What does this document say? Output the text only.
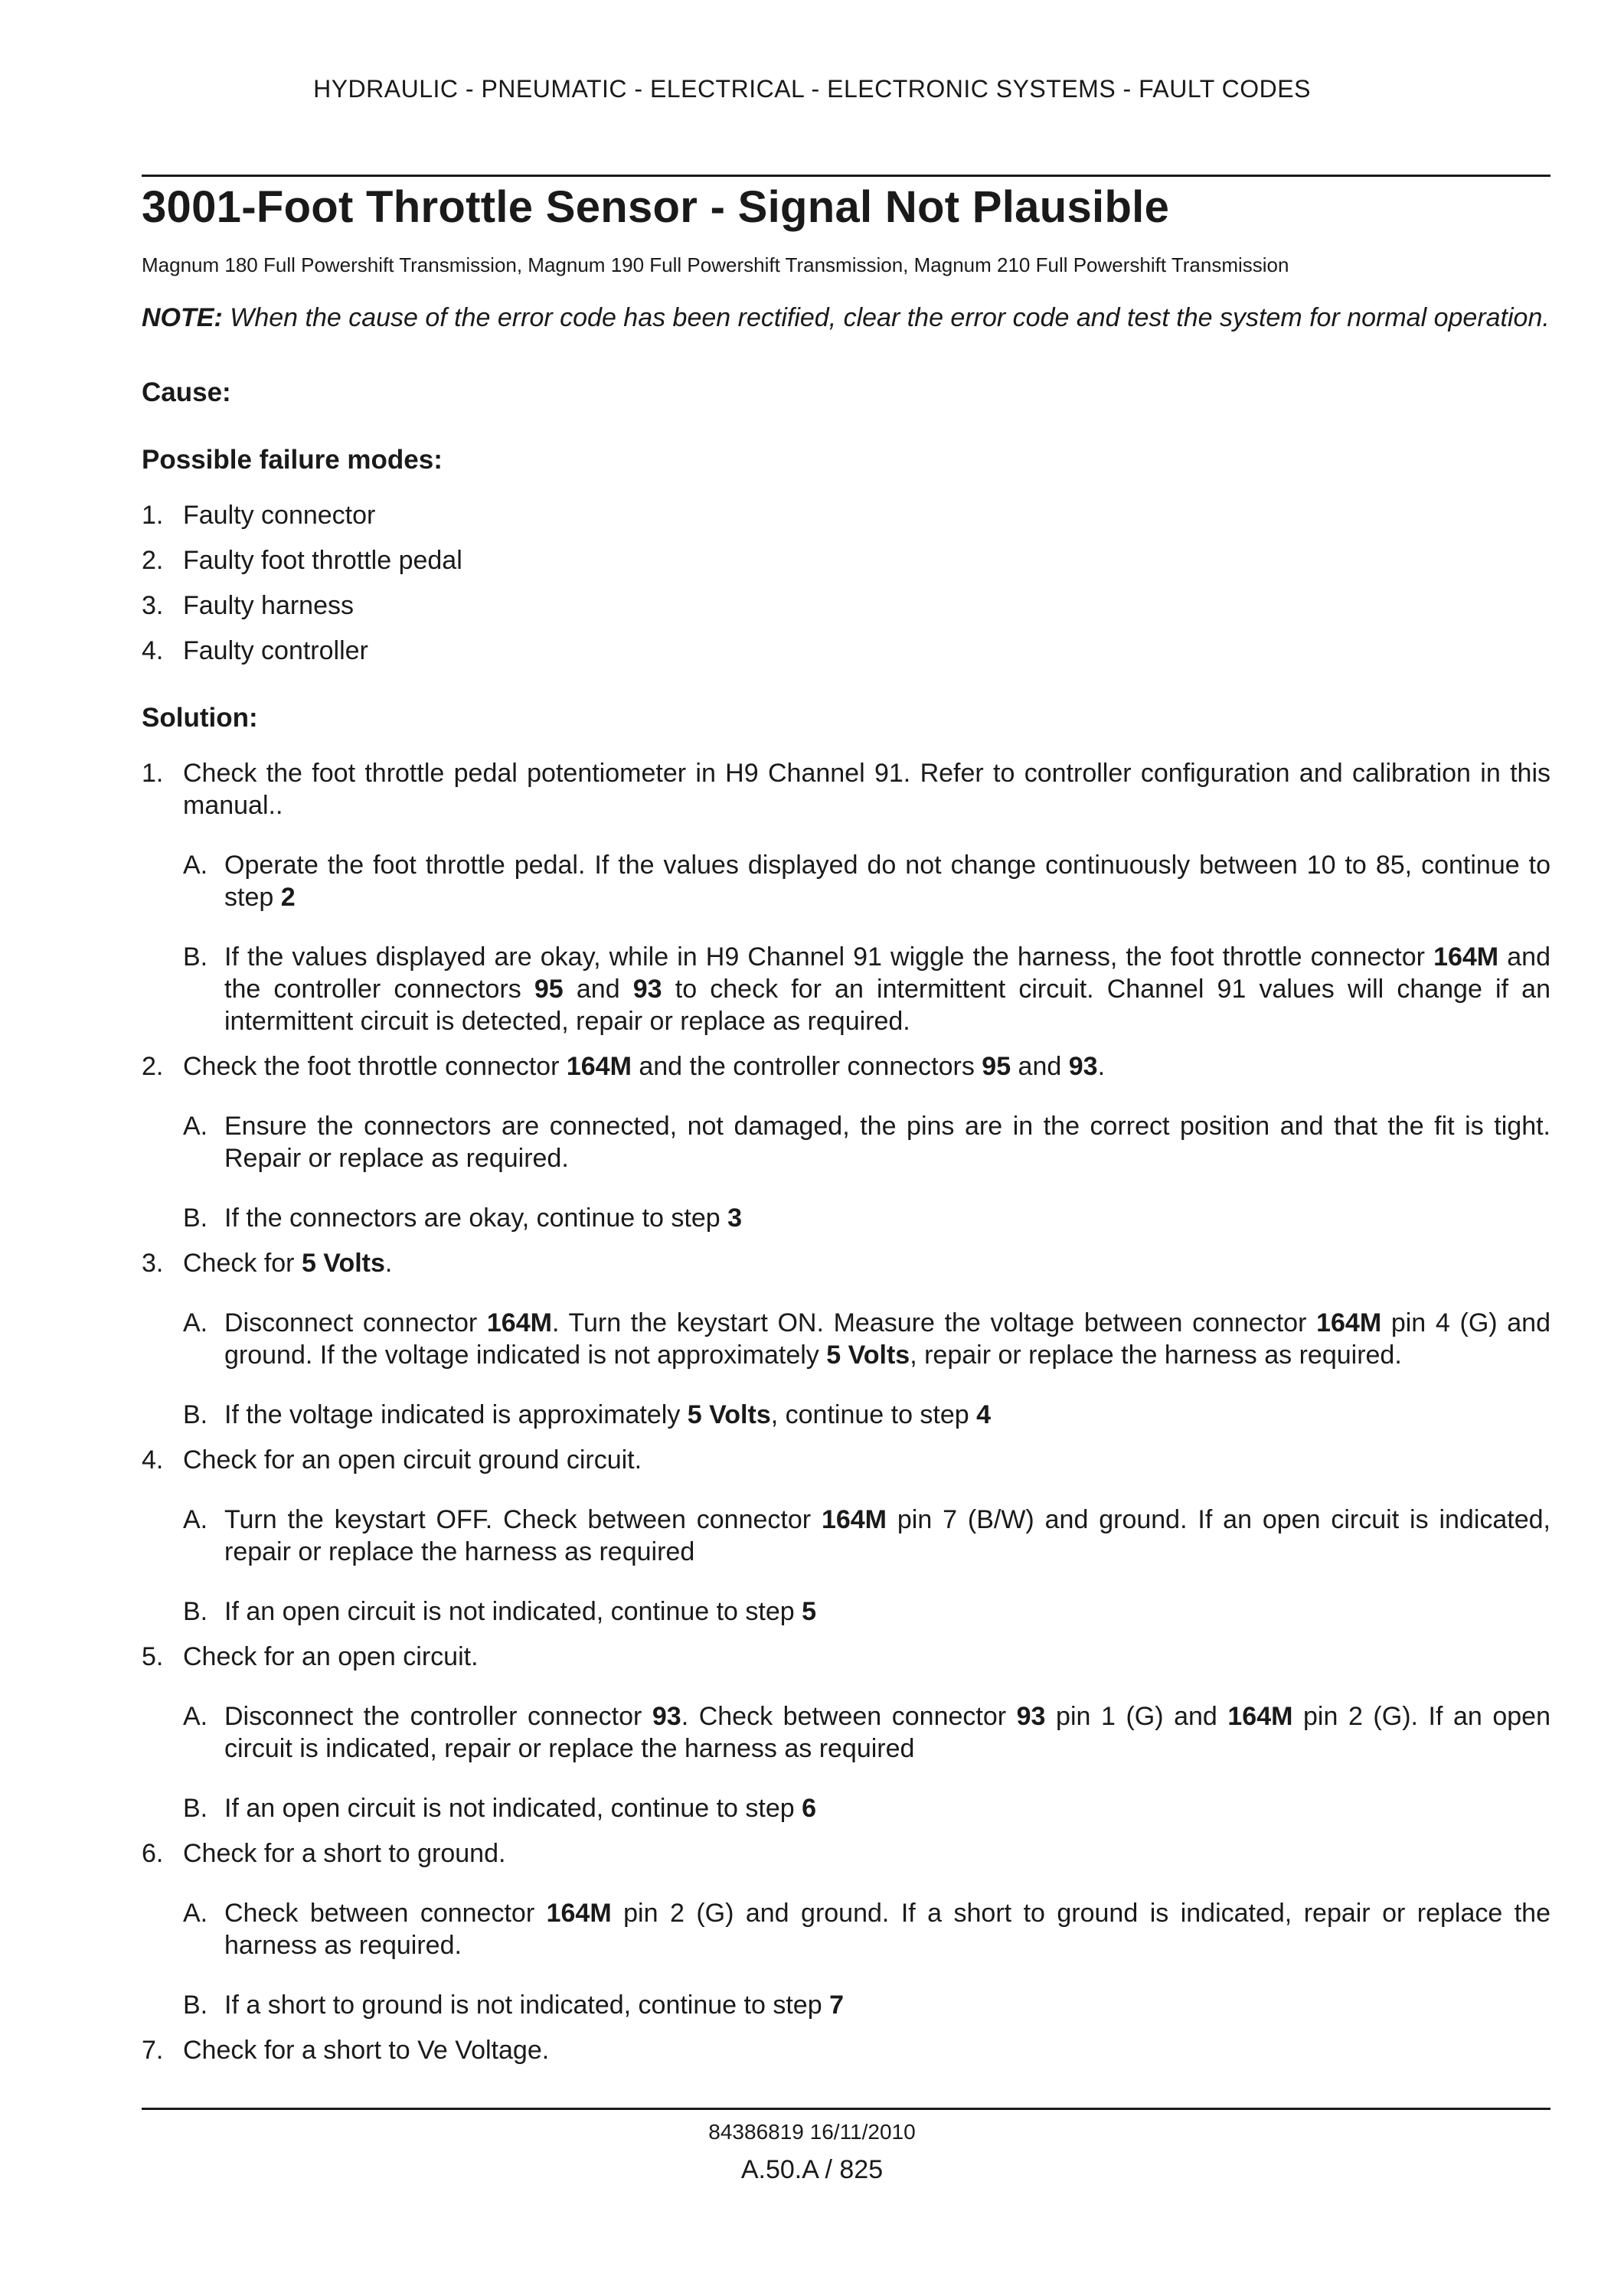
HYDRAULIC - PNEUMATIC - ELECTRICAL - ELECTRONIC SYSTEMS - FAULT CODES
3001-Foot Throttle Sensor - Signal Not Plausible
Magnum 180 Full Powershift Transmission, Magnum 190 Full Powershift Transmission, Magnum 210 Full Powershift Transmission
NOTE: When the cause of the error code has been rectified, clear the error code and test the system for normal operation.
Cause:
Possible failure modes:
1. Faulty connector
2. Faulty foot throttle pedal
3. Faulty harness
4. Faulty controller
Solution:
1. Check the foot throttle pedal potentiometer in H9 Channel 91. Refer to controller configuration and calibration in this manual..
A. Operate the foot throttle pedal. If the values displayed do not change continuously between 10 to 85, continue to step 2
B. If the values displayed are okay, while in H9 Channel 91 wiggle the harness, the foot throttle connector 164M and the controller connectors 95 and 93 to check for an intermittent circuit. Channel 91 values will change if an intermittent circuit is detected, repair or replace as required.
2. Check the foot throttle connector 164M and the controller connectors 95 and 93.
A. Ensure the connectors are connected, not damaged, the pins are in the correct position and that the fit is tight. Repair or replace as required.
B. If the connectors are okay, continue to step 3
3. Check for 5 Volts.
A. Disconnect connector 164M. Turn the keystart ON. Measure the voltage between connector 164M pin 4 (G) and ground. If the voltage indicated is not approximately 5 Volts, repair or replace the harness as required.
B. If the voltage indicated is approximately 5 Volts, continue to step 4
4. Check for an open circuit ground circuit.
A. Turn the keystart OFF. Check between connector 164M pin 7 (B/W) and ground. If an open circuit is indicated, repair or replace the harness as required
B. If an open circuit is not indicated, continue to step 5
5. Check for an open circuit.
A. Disconnect the controller connector 93. Check between connector 93 pin 1 (G) and 164M pin 2 (G). If an open circuit is indicated, repair or replace the harness as required
B. If an open circuit is not indicated, continue to step 6
6. Check for a short to ground.
A. Check between connector 164M pin 2 (G) and ground. If a short to ground is indicated, repair or replace the harness as required.
B. If a short to ground is not indicated, continue to step 7
7. Check for a short to Ve Voltage.
84386819 16/11/2010
A.50.A / 825
